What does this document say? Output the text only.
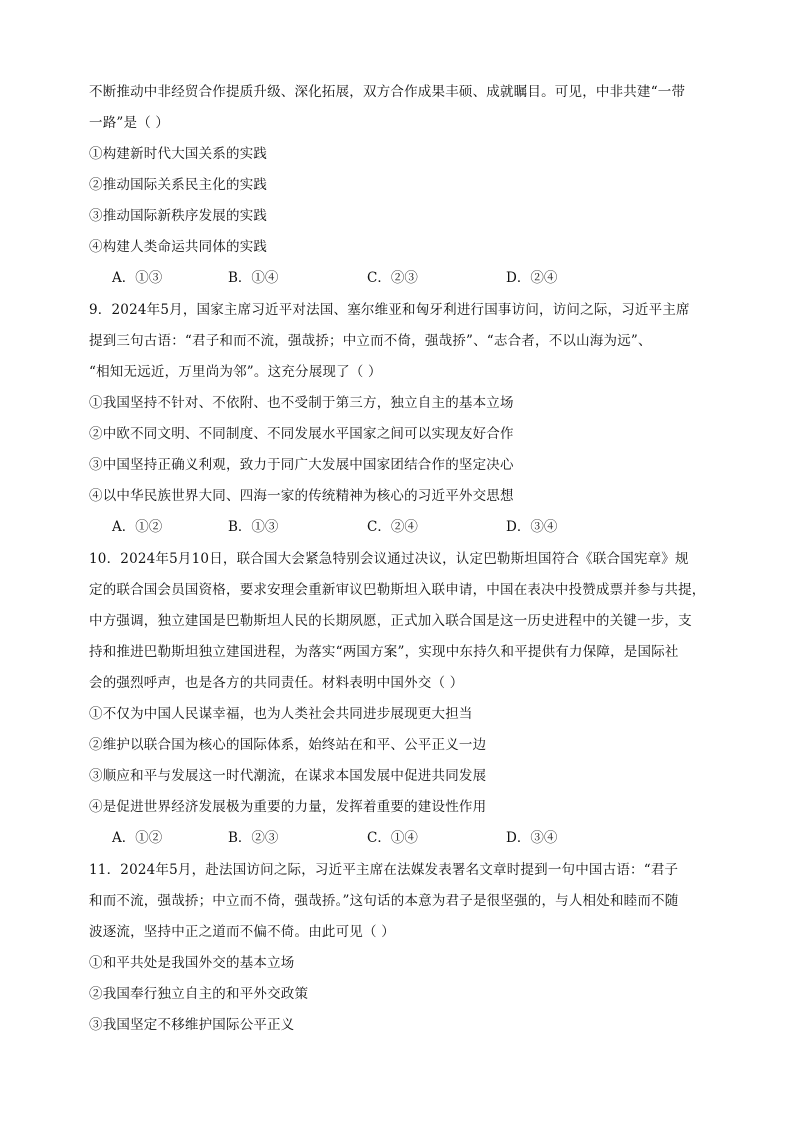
不断推动中非经贸合作提质升级、深化拓展，双方合作成果丰硕、成就瞩目。可见，中非共建“一带
一路”是（ ）
①构建新时代大国关系的实践
②推动国际关系民主化的实践
③推动国际新秩序发展的实践
④构建人类命运共同体的实践
A．①③	B．①④	C．②③	D．②④
9．2024年5月，国家主席习近平对法国、塞尔维亚和匈牙利进行国事访问，访问之际，习近平主席
提到三句古语：“君子和而不流，强哉挢；中立而不倚，强哉挢”、“志合者，不以山海为远”、
“相知无远近，万里尚为邻”。这充分展现了（ ）
①我国坚持不针对、不依附、也不受制于第三方，独立自主的基本立场
②中欧不同文明、不同制度、不同发展水平国家之间可以实现友好合作
③中国坚持正确义利观，致力于同广大发展中国家团结合作的坚定决心
④以中华民族世界大同、四海一家的传统精神为核心的习近平外交思想
A．①②	B．①③	C．②④	D．③④
10．2024年5月10日，联合国大会紧急特别会议通过决议，认定巴勒斯坦国符合《联合国宪章》规
定的联合国会员国资格，要求安理会重新审议巴勒斯坦入联申请，中国在表决中投赞成票并参与共提，
中方强调，独立建国是巴勒斯坦人民的长期夙愿，正式加入联合国是这一历史进程中的关键一步，支
持和推进巴勒斯坦独立建国进程，为落实“两国方案”，实现中东持久和平提供有力保障，是国际社
会的强烈呼声，也是各方的共同责任。材料表明中国外交（ ）
①不仅为中国人民谋幸福，也为人类社会共同进步展现更大担当
②维护以联合国为核心的国际体系，始终站在和平、公平正义一边
③顺应和平与发展这一时代潮流，在谋求本国发展中促进共同发展
④是促进世界经济发展极为重要的力量，发挥着重要的建设性作用
A．①②	B．②③	C．①④	D．③④
11．2024年5月，赴法国访问之际，习近平主席在法媒发表署名文章时提到一句中国古语：“君子
和而不流，强哉挢；中立而不倚，强哉挢。”这句话的本意为君子是很坚强的，与人相处和睦而不随
波逐流，坚持中正之道而不偏不倚。由此可见（ ）
①和平共处是我国外交的基本立场
②我国奉行独立自主的和平外交政策
③我国坚定不移维护国际公平正义
